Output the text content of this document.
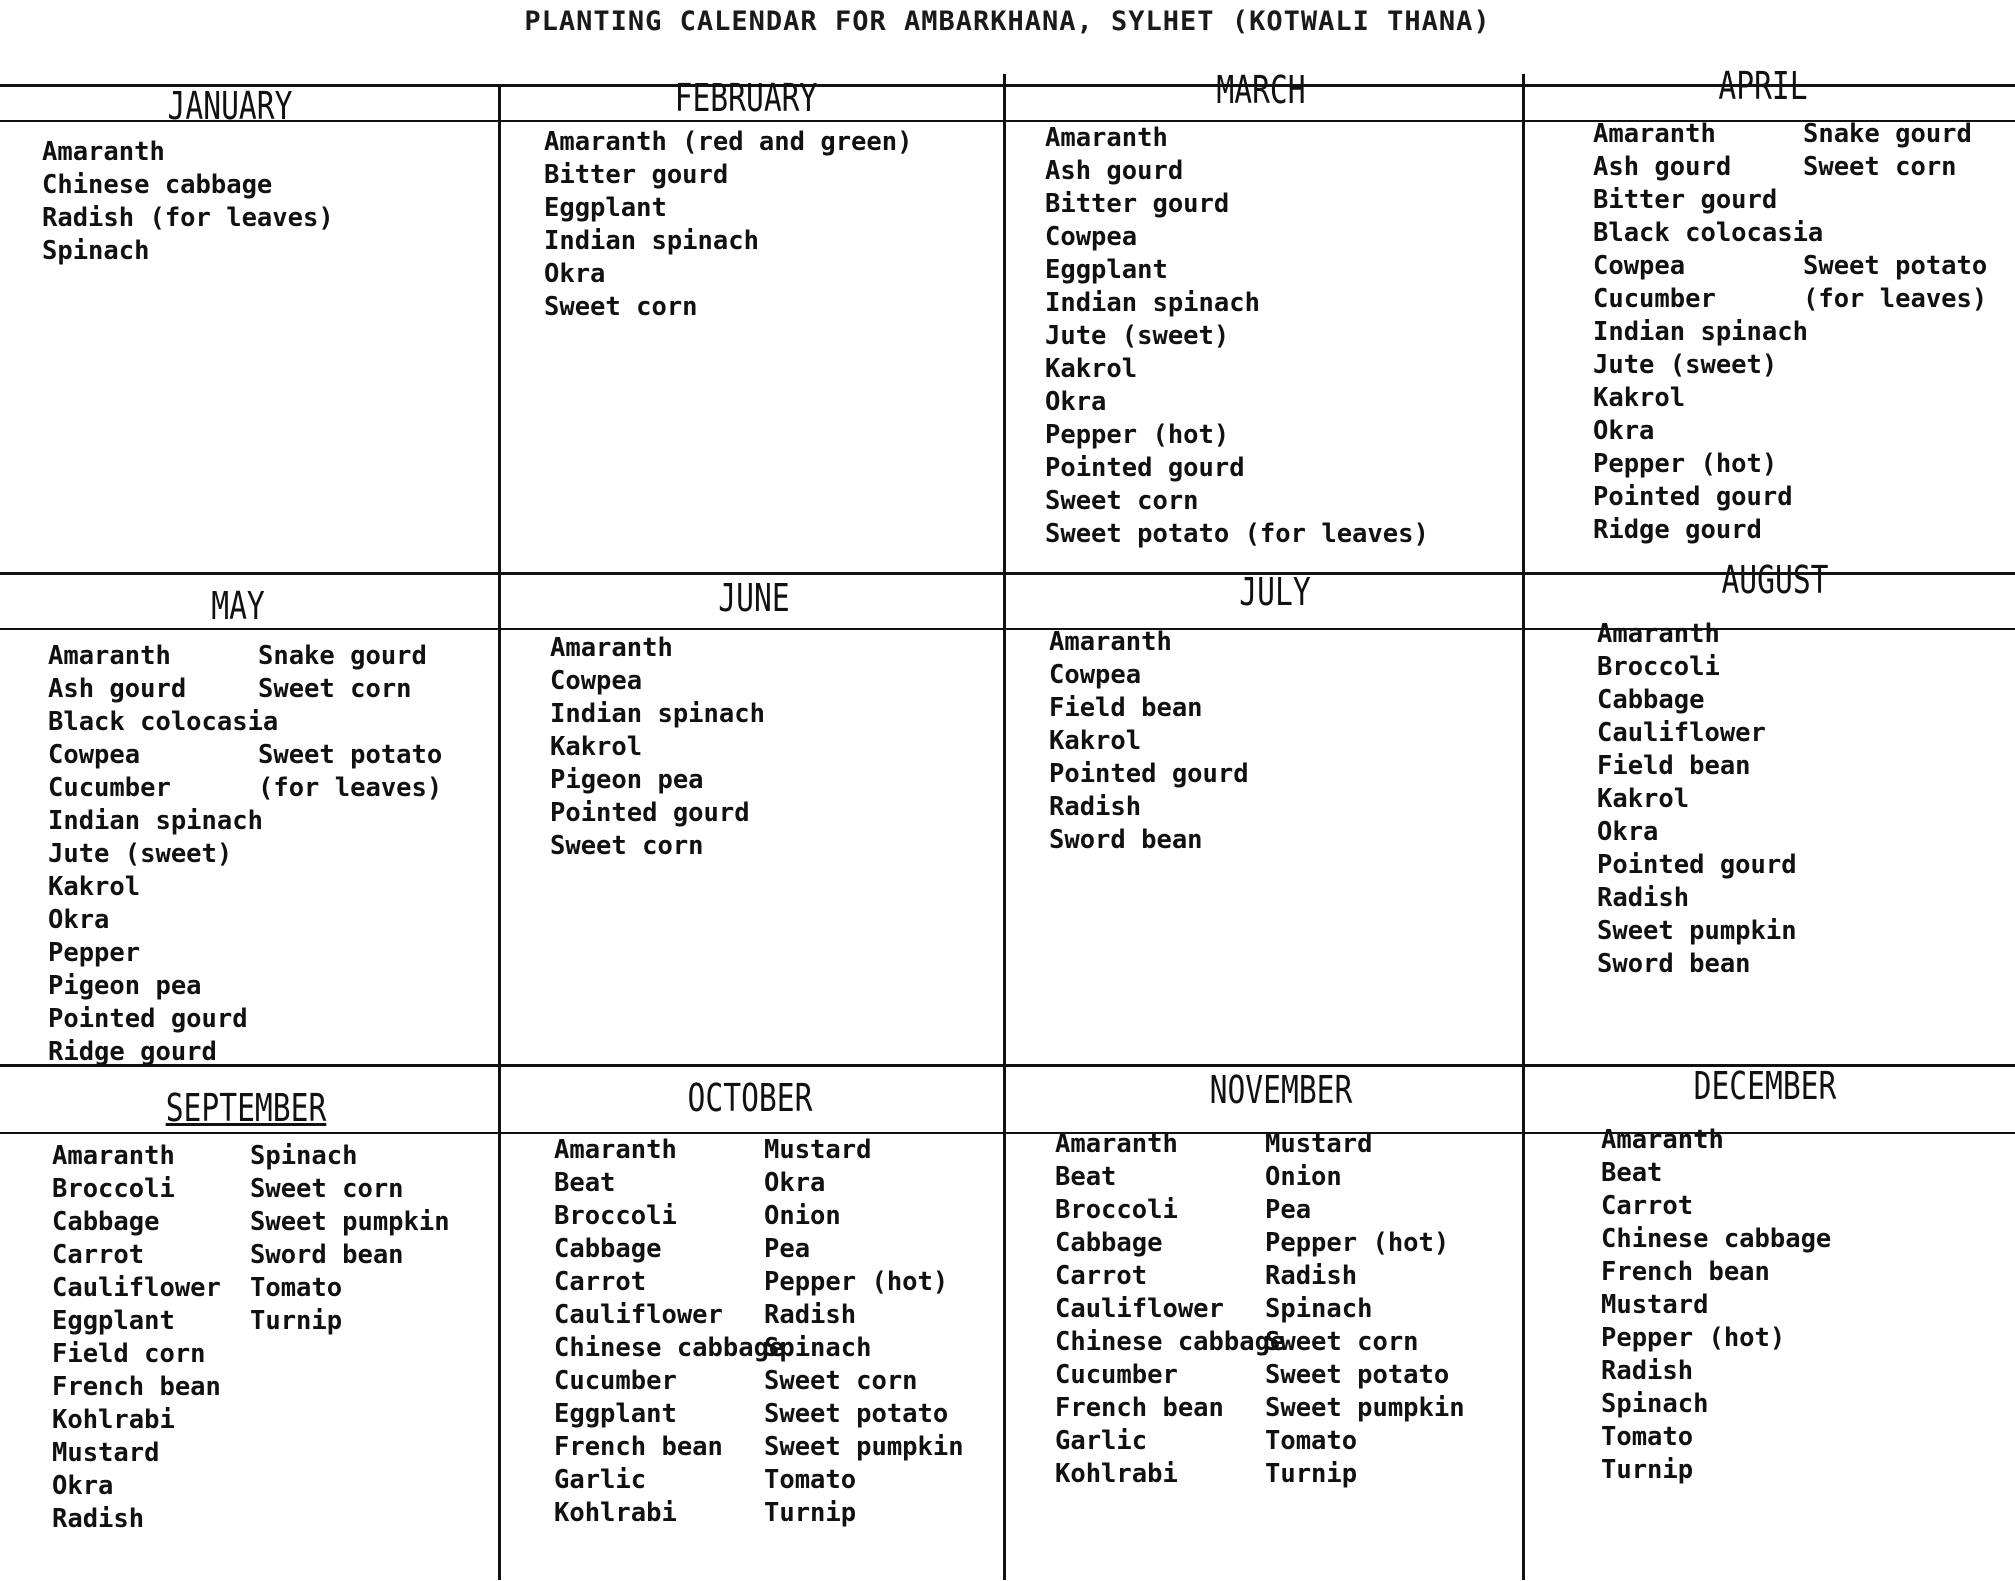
PLANTING CALENDAR FOR AMBARKHANA, SYLHET (KOTWALI THANA)
JANUARY
Amaranth
Chinese cabbage
Radish (for leaves)
Spinach
FEBRUARY
Amaranth (red and green)
Bitter gourd
Eggplant
Indian spinach
Okra
Sweet corn
MARCH
Amaranth
Ash gourd
Bitter gourd
Cowpea
Eggplant
Indian spinach
Jute (sweet)
Kakrol
Okra
Pepper (hot)
Pointed gourd
Sweet corn
Sweet potato (for leaves)
APRIL
Amaranth
Ash gourd
Bitter gourd
Black colocasia
Cowpea
Cucumber
Indian spinach
Jute (sweet)
Kakrol
Okra
Pepper (hot)
Pointed gourd
Ridge gourd
Snake gourd
Sweet corn

Sweet potato
(for leaves)
MAY
Amaranth
Ash gourd
Black colocasia
Cowpea
Cucumber
Indian spinach
Jute (sweet)
Kakrol
Okra
Pepper
Pigeon pea
Pointed gourd
Ridge gourd
Snake gourd
Sweet corn

Sweet potato
(for leaves)
JUNE
Amaranth
Cowpea
Indian spinach
Kakrol
Pigeon pea
Pointed gourd
Sweet corn
JULY
Amaranth
Cowpea
Field bean
Kakrol
Pointed gourd
Radish
Sword bean
AUGUST
Amaranth
Broccoli
Cabbage
Cauliflower
Field bean
Kakrol
Okra
Pointed gourd
Radish
Sweet pumpkin
Sword bean
SEPTEMBER
Amaranth
Broccoli
Cabbage
Carrot
Cauliflower
Eggplant
Field corn
French bean
Kohlrabi
Mustard
Okra
Radish
Spinach
Sweet corn
Sweet pumpkin
Sword bean
Tomato
Turnip
OCTOBER
Amaranth
Beat
Broccoli
Cabbage
Carrot
Cauliflower
Chinese cabbage
Cucumber
Eggplant
French bean
Garlic
Kohlrabi
Mustard
Okra
Onion
Pea
Pepper (hot)
Radish
Spinach
Sweet corn
Sweet potato
Sweet pumpkin
Tomato
Turnip
NOVEMBER
Amaranth
Beat
Broccoli
Cabbage
Carrot
Cauliflower
Chinese cabbage
Cucumber
French bean
Garlic
Kohlrabi
Mustard
Onion
Pea
Pepper (hot)
Radish
Spinach
Sweet corn
Sweet potato
Sweet pumpkin
Tomato
Turnip
DECEMBER
Amaranth
Beat
Carrot
Chinese cabbage
French bean
Mustard
Pepper (hot)
Radish
Spinach
Tomato
Turnip
